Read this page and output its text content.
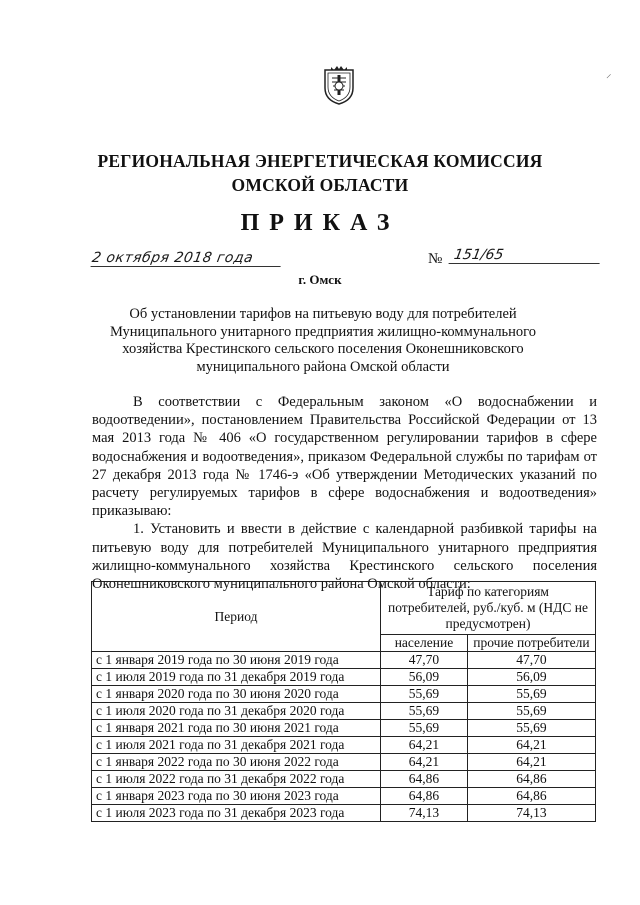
⸍
РЕГИОНАЛЬНАЯ ЭНЕРГЕТИЧЕСКАЯ КОМИССИЯ
ОМСКОЙ ОБЛАСТИ
ПРИКАЗ
2 октября 2018 года	№ 151/65
г. Омск
Об установлении тарифов на питьевую воду для потребителей Муниципального унитарного предприятия жилищно-коммунального хозяйства Крестинского сельского поселения Оконешниковского муниципального района Омской области

В соответствии с Федеральным законом «О водоснабжении и водоотведении», постановлением Правительства Российской Федерации от 13 мая 2013 года № 406 «О государственном регулировании тарифов в сфере водоснабжения и водоотведения», приказом Федеральной службы по тарифам от 27 декабря 2013 года № 1746-э «Об утверждении Методических указаний по расчету регулируемых тарифов в сфере водоснабжения и водоотведения» приказываю:

1. Установить и ввести в действие с календарной разбивкой тарифы на питьевую воду для потребителей Муниципального унитарного предприятия жилищно-коммунального хозяйства Крестинского сельского поселения Оконешниковского муниципального района Омской области:

Период	Тариф по категориям потребителей, руб./куб. м (НДС не предусмотрен)	
	население	прочие потребители
с 1 января 2019 года по 30 июня 2019 года	47,70	47,70
с 1 июля 2019 года по 31 декабря 2019 года	56,09	56,09
с 1 января 2020 года по 30 июня 2020 года	55,69	55,69
с 1 июля 2020 года по 31 декабря 2020 года	55,69	55,69
с 1 января 2021 года по 30 июня 2021 года	55,69	55,69
с 1 июля 2021 года по 31 декабря 2021 года	64,21	64,21
с 1 января 2022 года по 30 июня 2022 года	64,21	64,21
с 1 июля 2022 года по 31 декабря 2022 года	64,86	64,86
с 1 января 2023 года по 30 июня 2023 года	64,86	64,86
с 1 июля 2023 года по 31 декабря 2023 года	74,13	74,13
